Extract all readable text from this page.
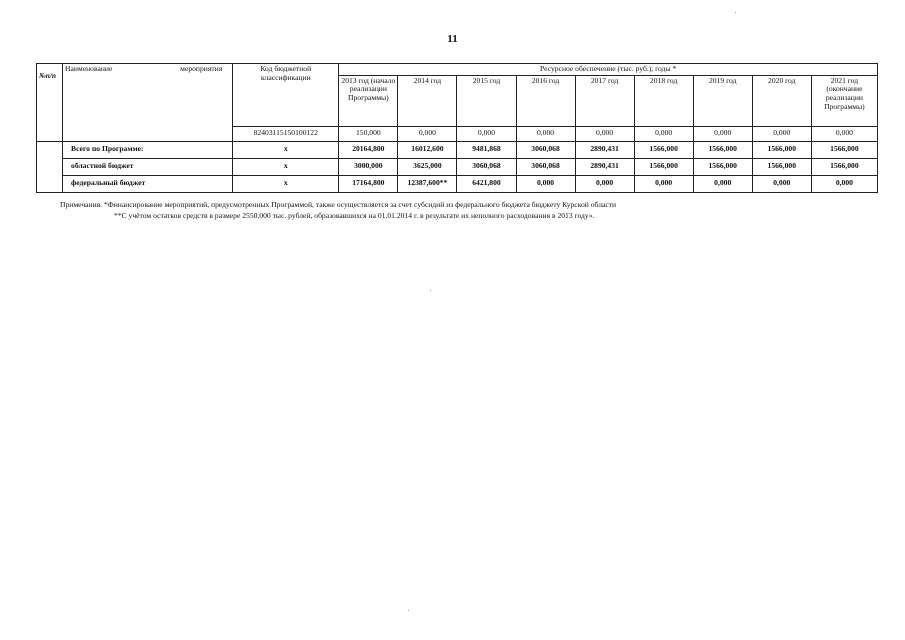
11
№п/п	Наименование мероприятия	Код бюджетной классификации	Ресурсное обеспечение (тыс. руб.), годы *								
			2013 год (начало реализации Программы)	2014 год	2015 год	2016 год	2017 год	2018 год	2019 год	2020 год	2021 год (окончание реализации Программы)
		82403115150100122	150,000	0,000	0,000	0,000	0,000	0,000	0,000	0,000	0,000
	Всего по Программе:	х	20164,800	16012,600	9481,868	3060,068	2890,431	1566,000	1566,000	1566,000	1566,000
	областной бюджет	х	3000,000	3625,000	3060,068	3060,068	2890,431	1566,000	1566,000	1566,000	1566,000
	федеральный бюджет	х	17164,800	12387,600**	6421,800	0,000	0,000	0,000	0,000	0,000	0,000
Примечания. *Финансирование мероприятий, предусмотренных Программой, также осуществляется за счет субсидий из федерального бюджета бюджету Курской области
**С учётом остатков средств в размере 2550,000 тыс. рублей, образовавшихся на 01.01.2014 г. в результате их неполного расходования в 2013 году».
